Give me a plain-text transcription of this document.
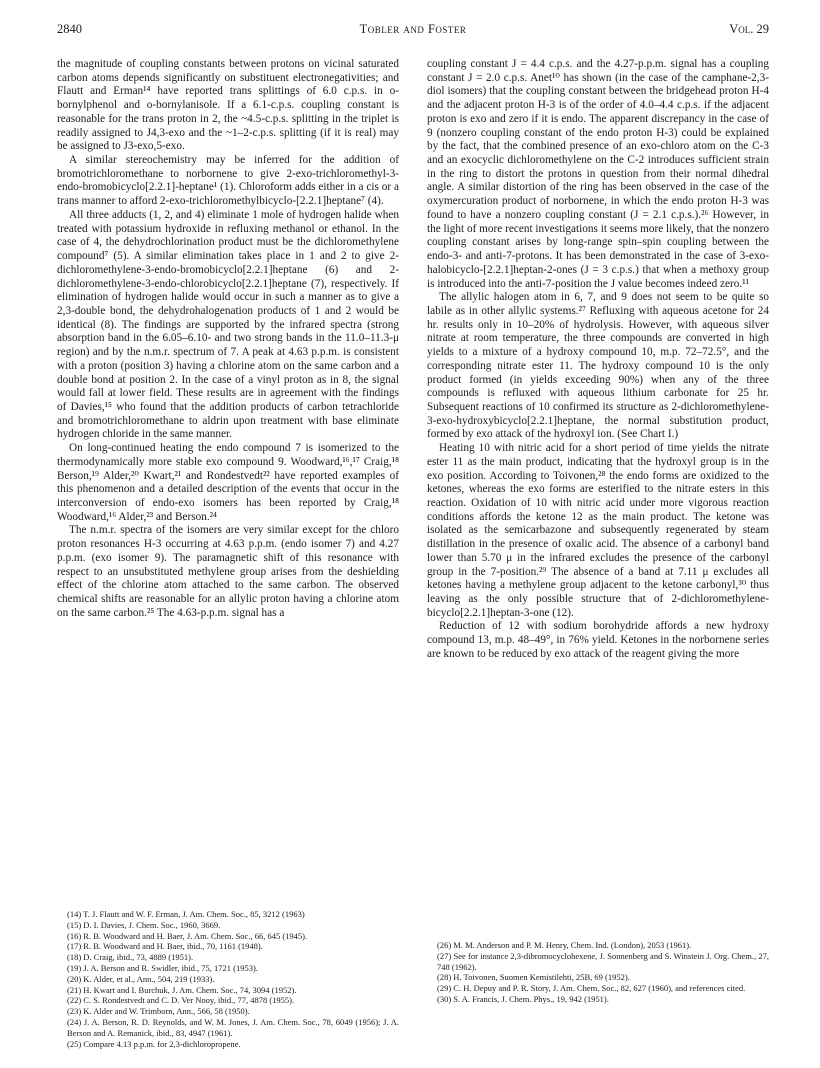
2840	Tobler and Foster	Vol. 29

the magnitude of coupling constants between protons on vicinal saturated carbon atoms depends significantly on substituent electronegativities; and Flautt and Erman¹⁴ have reported trans splittings of 6.0 c.p.s. in o-bornylphenol and o-bornylanisole. If a 6.1-c.p.s. coupling constant is reasonable for the trans proton in 2, the ~4.5-c.p.s. splitting in the triplet is readily assigned to J4,3-exo and the ~1–2-c.p.s. splitting (if it is real) may be assigned to J3-exo,5-exo.

A similar stereochemistry may be inferred for the addition of bromotrichloromethane to norbornene to give 2-exo-trichloromethyl-3-endo-bromobicyclo[2.2.1]-heptane¹ (1). Chloroform adds either in a cis or a trans manner to afford 2-exo-trichloromethylbicyclo-[2.2.1]heptane⁷ (4).

All three adducts (1, 2, and 4) eliminate 1 mole of hydrogen halide when treated with potassium hydroxide in refluxing methanol or ethanol. In the case of 4, the dehydrochlorination product must be the dichloromethylene compound⁷ (5). A similar elimination takes place in 1 and 2 to give 2-dichloromethylene-3-endo-bromobicyclo[2.2.1]heptane (6) and 2-dichloromethylene-3-endo-chlorobicyclo[2.2.1]heptane (7), respectively. If elimination of hydrogen halide would occur in such a manner as to give a 2,3-double bond, the dehydrohalogenation products of 1 and 2 would be identical (8). The findings are supported by the infrared spectra (strong absorption band in the 6.05–6.10- and two strong bands in the 11.0–11.3-μ region) and by the n.m.r. spectrum of 7. A peak at 4.63 p.p.m. is consistent with a proton (position 3) having a chlorine atom on the same carbon and a double bond at position 2. In the case of a vinyl proton as in 8, the signal would fall at lower field. These results are in agreement with the findings of Davies,¹⁵ who found that the addition products of carbon tetrachloride and bromotrichloromethane to aldrin upon treatment with base eliminate hydrogen chloride in the same manner.

On long-continued heating the endo compound 7 is isomerized to the thermodynamically more stable exo compound 9. Woodward,¹⁶,¹⁷ Craig,¹⁸ Berson,¹⁹ Alder,²⁰ Kwart,²¹ and Rondestvedt²² have reported examples of this phenomenon and a detailed description of the events that occur in the interconversion of endo-exo isomers has been reported by Craig,¹⁸ Woodward,¹⁶ Alder,²³ and Berson.²⁴

The n.m.r. spectra of the isomers are very similar except for the chloro proton resonances H-3 occurring at 4.63 p.p.m. (endo isomer 7) and 4.27 p.p.m. (exo isomer 9). The paramagnetic shift of this resonance with respect to an unsubstituted methylene group arises from the deshielding effect of the chlorine atom attached to the same carbon. The observed chemical shifts are reasonable for an allylic proton having a chlorine atom on the same carbon.²⁵ The 4.63-p.p.m. signal has a

coupling constant J = 4.4 c.p.s. and the 4.27-p.p.m. signal has a coupling constant J = 2.0 c.p.s. Anet¹⁰ has shown (in the case of the camphane-2,3-diol isomers) that the coupling constant between the bridgehead proton H-4 and the adjacent proton H-3 is of the order of 4.0–4.4 c.p.s. if the adjacent proton is exo and zero if it is endo. The apparent discrepancy in the case of 9 (nonzero coupling constant of the endo proton H-3) could be explained by the fact, that the combined presence of an exo-chloro atom on the C-3 and an exocyclic dichloromethylene on the C-2 introduces sufficient strain in the ring to distort the protons in question from their normal dihedral angle. A similar distortion of the ring has been observed in the case of the oxymercuration product of norbornene, in which the endo proton H-3 was found to have a nonzero coupling constant (J = 2.1 c.p.s.).²⁶ However, in the light of more recent investigations it seems more likely, that the nonzero coupling constant arises by long-range spin–spin coupling between the endo-3- and anti-7-protons. It has been demonstrated in the case of 3-exo-halobicyclo-[2.2.1]heptan-2-ones (J = 3 c.p.s.) that when a methoxy group is introduced into the anti-7-position the J value becomes indeed zero.¹¹

The allylic halogen atom in 6, 7, and 9 does not seem to be quite so labile as in other allylic systems.²⁷ Refluxing with aqueous acetone for 24 hr. results only in 10–20% of hydrolysis. However, with aqueous silver nitrate at room temperature, the three compounds are converted in high yields to a mixture of a hydroxy compound 10, m.p. 72–72.5°, and the corresponding nitrate ester 11. The hydroxy compound 10 is the only product formed (in yields exceeding 90%) when any of the three compounds is refluxed with aqueous lithium carbonate for 25 hr. Subsequent reactions of 10 confirmed its structure as 2-dichloromethylene-3-exo-hydroxybicyclo[2.2.1]heptane, the normal substitution product, formed by exo attack of the hydroxyl ion. (See Chart I.)

Heating 10 with nitric acid for a short period of time yields the nitrate ester 11 as the main product, indicating that the hydroxyl group is in the exo position. According to Toivonen,²⁸ the endo forms are oxidized to the ketones, whereas the exo forms are esterified to the nitrate esters in this reaction. Oxidation of 10 with nitric acid under more vigorous reaction conditions affords the ketone 12 as the main product. The ketone was isolated as the semicarbazone and subsequently regenerated by steam distillation in the presence of oxalic acid. The absence of a carbonyl band lower than 5.70 μ in the infrared excludes the presence of the carbonyl group in the 7-position.²⁹ The absence of a band at 7.11 μ excludes all ketones having a methylene group adjacent to the ketone carbonyl,³⁰ thus leaving as the only possible structure that of 2-dichloromethylene-bicyclo[2.2.1]heptan-3-one (12).

Reduction of 12 with sodium borohydride affords a new hydroxy compound 13, m.p. 48–49°, in 76% yield. Ketones in the norbornene series are known to be reduced by exo attack of the reagent giving the more

(14) T. J. Flautt and W. F. Erman, J. Am. Chem. Soc., 85, 3212 (1963)
(15) D. I. Davies, J. Chem. Soc., 1960, 3669.
(16) R. B. Woodward and H. Baer, J. Am. Chem. Soc., 66, 645 (1945).
(17) R. B. Woodward and H. Baer, ibid., 70, 1161 (1948).
(18) D. Craig, ibid., 73, 4889 (1951).
(19) J. A. Berson and R. Swidler, ibid., 75, 1721 (1953).
(20) K. Alder, et al., Ann., 504, 219 (1933).
(21) H. Kwart and I. Burchuk, J. Am. Chem. Soc., 74, 3094 (1952).
(22) C. S. Rondestvedt and C. D. Ver Nooy, ibid., 77, 4878 (1955).
(23) K. Alder and W. Trimborn, Ann., 566, 58 (1950).
(24) J. A. Berson, R. D. Reynolds, and W. M. Jones, J. Am. Chem. Soc., 78, 6049 (1956); J. A. Berson and A. Remanick, ibid., 83, 4947 (1961).
(25) Compare 4.13 p.p.m. for 2,3-dichloropropene.
(26) M. M. Anderson and P. M. Henry, Chem. Ind. (London), 2053 (1961).
(27) See for instance 2,3-dibromocyclohexene, J. Sonnenberg and S. Winstein J. Org. Chem., 27, 748 (1962).
(28) H. Toivonen, Suomen Kemistilehti, 25B, 69 (1952).
(29) C. H. Depuy and P. R. Story, J. Am. Chem. Soc., 82, 627 (1960), and references cited.
(30) S. A. Francis, J. Chem. Phys., 19, 942 (1951).
